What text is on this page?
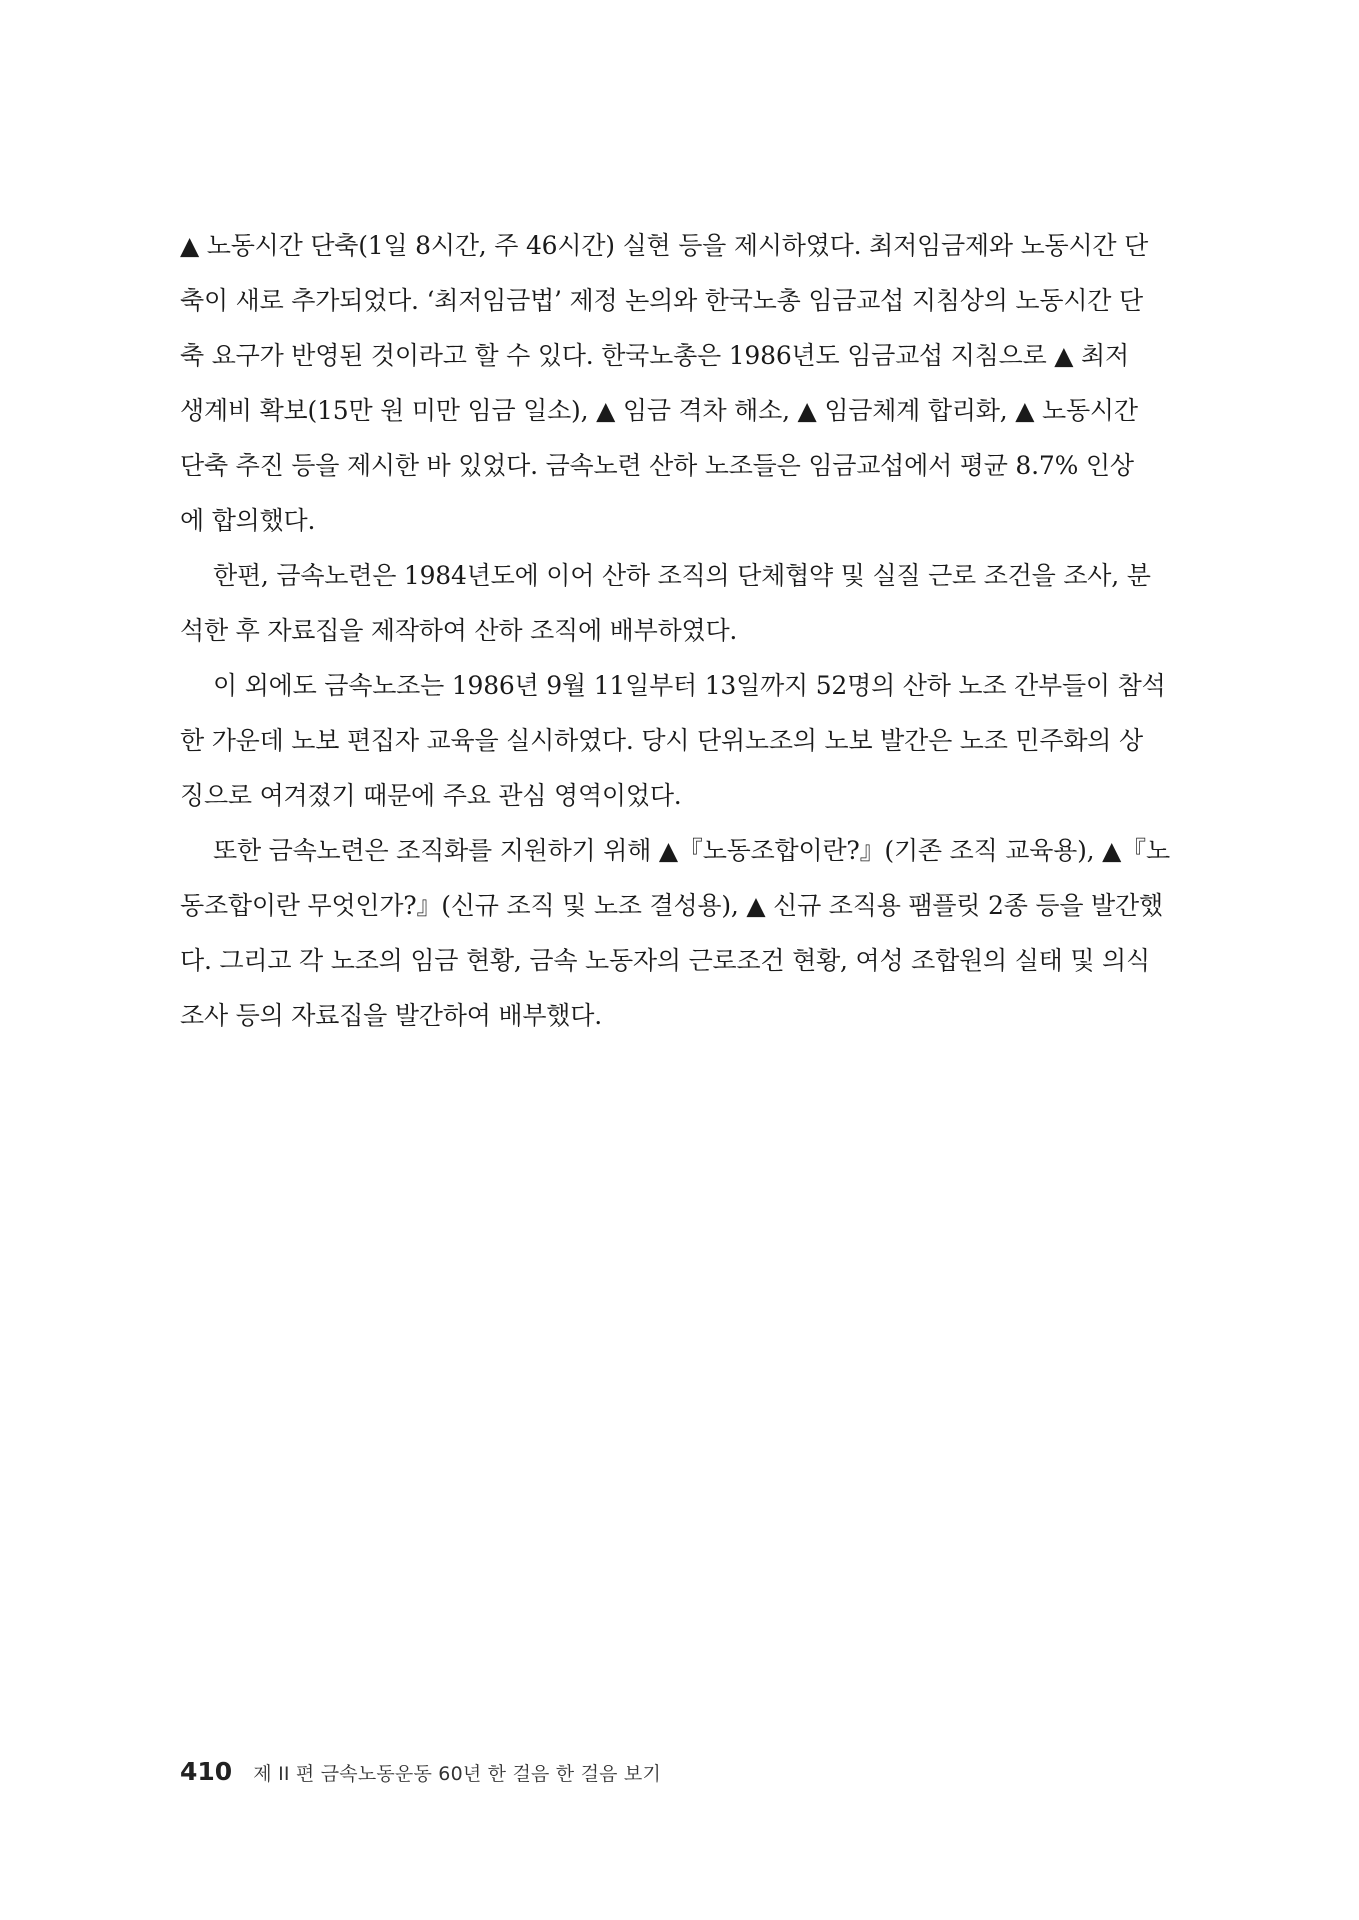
▲ 노동시간 단축(1일 8시간, 주 46시간) 실현 등을 제시하였다. 최저임금제와 노동시간 단
축이 새로 추가되었다. ‘최저임금법’ 제정 논의와 한국노총 임금교섭 지침상의 노동시간 단
축 요구가 반영된 것이라고 할 수 있다. 한국노총은 1986년도 임금교섭 지침으로 ▲ 최저
생계비 확보(15만 원 미만 임금 일소), ▲ 임금 격차 해소, ▲ 임금체계 합리화, ▲ 노동시간
단축 추진 등을 제시한 바 있었다. 금속노련 산하 노조들은 임금교섭에서 평균 8.7% 인상
에 합의했다.
한편, 금속노련은 1984년도에 이어 산하 조직의 단체협약 및 실질 근로 조건을 조사, 분
석한 후 자료집을 제작하여 산하 조직에 배부하였다.
이 외에도 금속노조는 1986년 9월 11일부터 13일까지 52명의 산하 노조 간부들이 참석
한 가운데 노보 편집자 교육을 실시하였다. 당시 단위노조의 노보 발간은 노조 민주화의 상
징으로 여겨졌기 때문에 주요 관심 영역이었다.
또한 금속노련은 조직화를 지원하기 위해 ▲『노동조합이란?』(기존 조직 교육용), ▲『노
동조합이란 무엇인가?』(신규 조직 및 노조 결성용), ▲ 신규 조직용 팸플릿 2종 등을 발간했
다. 그리고 각 노조의 임금 현황, 금속 노동자의 근로조건 현황, 여성 조합원의 실태 및 의식
조사 등의 자료집을 발간하여 배부했다.
410 제 II 편 금속노동운동 60년 한 걸음 한 걸음 보기
